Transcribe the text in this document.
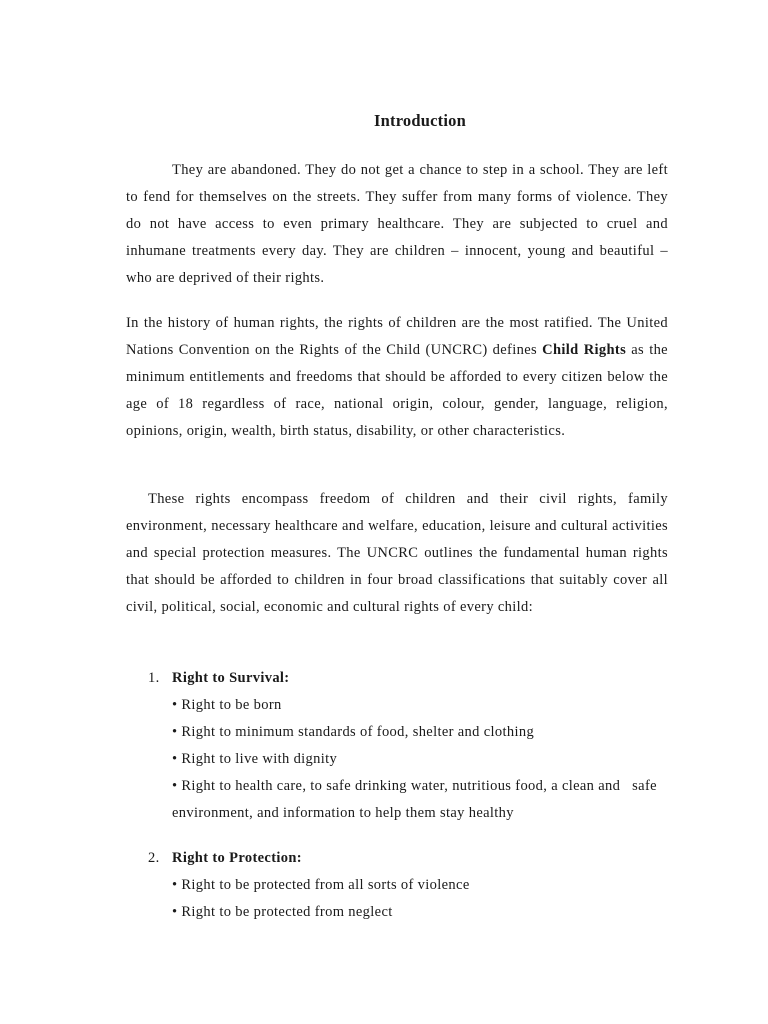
Introduction

They are abandoned. They do not get a chance to step in a school. They are left to fend for themselves on the streets. They suffer from many forms of violence. They do not have access to even primary healthcare. They are subjected to cruel and inhumane treatments every day. They are children – innocent, young and beautiful – who are deprived of their rights.

In the history of human rights, the rights of children are the most ratified. The United Nations Convention on the Rights of the Child (UNCRC) defines Child Rights as the minimum entitlements and freedoms that should be afforded to every citizen below the age of 18 regardless of race, national origin, colour, gender, language, religion, opinions, origin, wealth, birth status, disability, or other characteristics.

These rights encompass freedom of children and their civil rights, family environment, necessary healthcare and welfare, education, leisure and cultural activities and special protection measures. The UNCRC outlines the fundamental human rights that should be afforded to children in four broad classifications that suitably cover all civil, political, social, economic and cultural rights of every child:

1. Right to Survival:
• Right to be born
• Right to minimum standards of food, shelter and clothing
• Right to live with dignity
• Right to health care, to safe drinking water, nutritious food, a clean and   safe environment, and information to help them stay healthy
2. Right to Protection:
• Right to be protected from all sorts of violence
• Right to be protected from neglect
